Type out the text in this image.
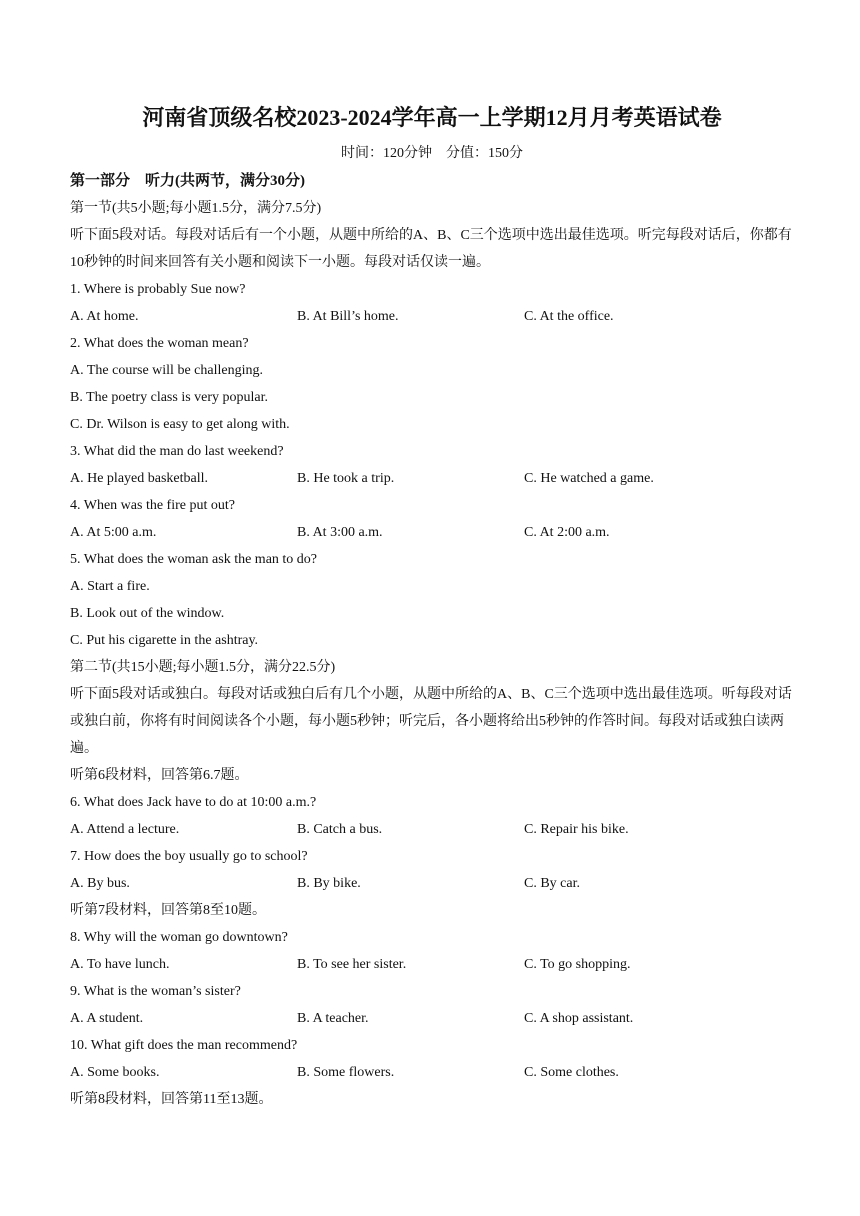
河南省顶级名校2023-2024学年高一上学期12月月考英语试卷
时间：120分钟　分值：150分
第一部分　听力(共两节，满分30分)
第一节(共5小题;每小题1.5分，满分7.5分)
听下面5段对话。每段对话后有一个小题，从题中所给的A、B、C三个选项中选出最佳选项。听完每段对话后，你都有10秒钟的时间来回答有关小题和阅读下一小题。每段对话仅读一遍。
1. Where is probably Sue now?
A. At home.	B. At Bill’s home.	C. At the office.
2. What does the woman mean?
A. The course will be challenging.
B. The poetry class is very popular.
C. Dr. Wilson is easy to get along with.
3. What did the man do last weekend?
A. He played basketball.	B. He took a trip.	C. He watched a game.
4. When was the fire put out?
A. At 5:00 a.m.	B. At 3:00 a.m.	C. At 2:00 a.m.
5. What does the woman ask the man to do?
A. Start a fire.
B. Look out of the window.
C. Put his cigarette in the ashtray.
第二节(共15小题;每小题1.5分，满分22.5分)
听下面5段对话或独白。每段对话或独白后有几个小题，从题中所给的A、B、C三个选项中选出最佳选项。听每段对话或独白前，你将有时间阅读各个小题，每小题5秒钟；听完后，各小题将给出5秒钟的作答时间。每段对话或独白读两遍。
听第6段材料，回答第6.7题。
6. What does Jack have to do at 10:00 a.m.?
A. Attend a lecture.	B. Catch a bus.	C. Repair his bike.
7. How does the boy usually go to school?
A. By bus.	B. By bike.	C. By car.
听第7段材料，回答第8至10题。
8. Why will the woman go downtown?
A. To have lunch.	B. To see her sister.	C. To go shopping.
9. What is the woman’s sister?
A. A student.	B. A teacher.	C. A shop assistant.
10. What gift does the man recommend?
A. Some books.	B. Some flowers.	C. Some clothes.
听第8段材料，回答第11至13题。
